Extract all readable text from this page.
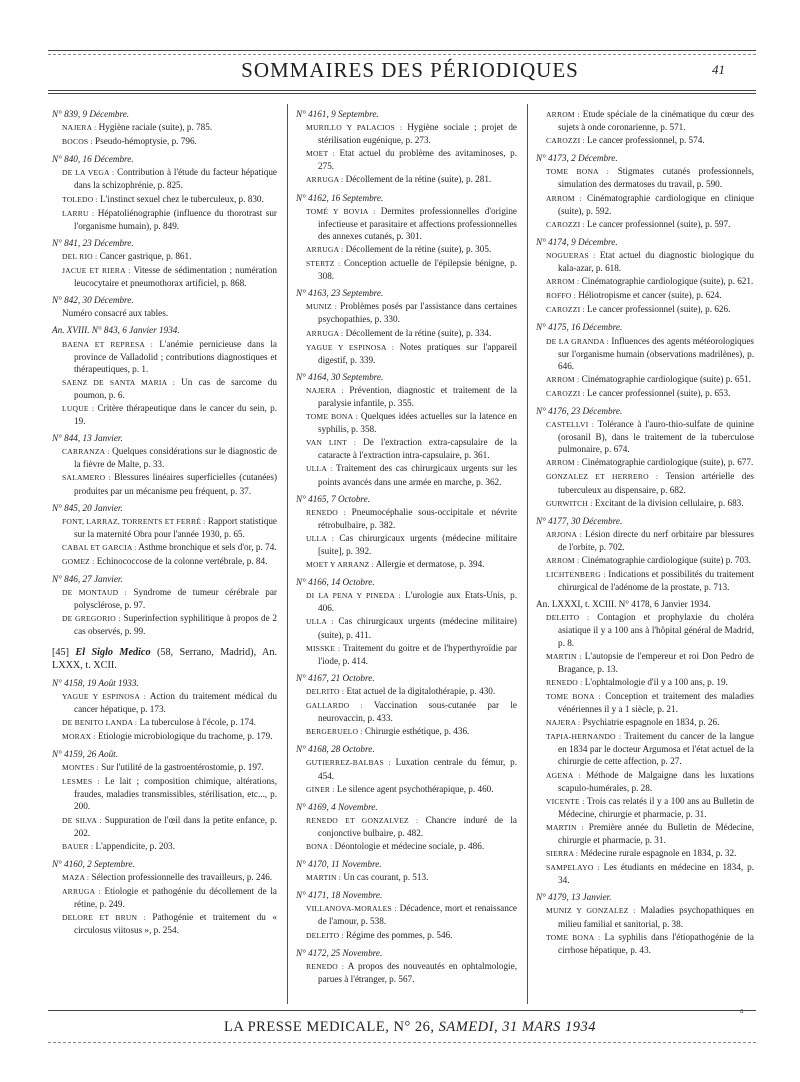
SOMMAIRES DES PÉRIODIQUES	41
N° 839, 9 Décembre.
NAJERA : Hygiène raciale (suite), p. 785.
BOCOS : Pseudo-hémoptysie, p. 796.
N° 840, 16 Décembre.
DE LA VEGA : Contribution à l'étude du facteur hépatique dans la schizophrénie, p. 825.
TOLEDO : L'instinct sexuel chez le tuberculeux, p. 830.
LARRU : Hépatoliénographie (influence du thorotrast sur l'organisme humain), p. 849.
N° 841, 23 Décembre.
DEL RIO : Cancer gastrique, p. 861.
JACUE ET RIERA : Vitesse de sédimentation ; numération leucocytaire et pneumothorax artificiel, p. 868.
N° 842, 30 Décembre.
Numéro consacré aux tables.
An. XVIII. N° 843, 6 Janvier 1934.
BAENA ET REPRESA : L'anémie pernicieuse dans la province de Valladolid ; contributions diagnostiques et thérapeutiques, p. 1.
SAENZ DE SANTA MARIA : Un cas de sarcome du poumon, p. 6.
LUQUE : Critère thérapeutique dans le cancer du sein, p. 19.
N° 844, 13 Janvier.
CARRANZA : Quelques considérations sur le diagnostic de la fièvre de Malte, p. 33.
SALAMERO : Blessures linéaires superficielles (cutanées) produites par un mécanisme peu fréquent, p. 37.
N° 845, 20 Janvier.
FONT, LARRAZ, TORRENTS ET FERRÉ : Rapport statistique sur la maternité Obra pour l'année 1930, p. 65.
CABAL ET GARCIA : Asthme bronchique et sels d'or, p. 74.
GOMEZ : Echinococcose de la colonne vertébrale, p. 84.
N° 846, 27 Janvier.
DE MONTAUD : Syndrome de tumeur cérébrale par polysclérose, p. 97.
DE GREGORIO : Superinfection syphilitique à propos de 2 cas observés, p. 99.
[45] El Siglo Medico (58, Serrano, Madrid), An. LXXX, t. XCII.
N° 4158, 19 Août 1933.
YAGUE Y ESPINOSA : Action du traitement médical du cancer hépatique, p. 173.
DE BENITO LANDA : La tuberculose à l'école, p. 174.
MORAX : Etiologie microbiologique du trachome, p. 179.
N° 4159, 26 Août.
MONTES : Sur l'utilité de la gastroentérostomie, p. 197.
LESMES : Le lait ; composition chimique, altérations, fraudes, maladies transmissibles, stérilisation, etc..., p. 200.
DE SILVA : Suppuration de l'œil dans la petite enfance, p. 202.
BAUER : L'appendicite, p. 203.
N° 4160, 2 Septembre.
MAZA : Sélection professionnelle des travailleurs, p. 246.
ARRUGA : Etiologie et pathogénie du décollement de la rétine, p. 249.
DELORE ET BRUN : Pathogénie et traitement du « circulosus viitosus », p. 254.
N° 4161, 9 Septembre.
MURILLO Y PALACIOS : Hygiène sociale ; projet de stérilisation eugénique, p. 273.
MOET : Etat actuel du problème des avitaminoses, p. 275.
ARRUGA : Décollement de la rétine (suite), p. 281.
N° 4162, 16 Septembre.
TOMÉ Y BOVIA : Dermites professionnelles d'origine infectieuse et parasitaire et affections professionnelles des annexes cutanés, p. 301.
ARRUGA : Décollement de la rétine (suite), p. 305.
STERTZ : Conception actuelle de l'épilepsie bénigne, p. 308.
N° 4163, 23 Septembre.
MUNIZ : Problèmes posés par l'assistance dans certaines psychopathies, p. 330.
ARRUGA : Décollement de la rétine (suite), p. 334.
YAGUE Y ESPINOSA : Notes pratiques sur l'appareil digestif, p. 339.
N° 4164, 30 Septembre.
NAJERA : Prévention, diagnostic et traitement de la paralysie infantile, p. 355.
TOME BONA : Quelques idées actuelles sur la latence en syphilis, p. 358.
VAN LINT : De l'extraction extra-capsulaire de la cataracte à l'extraction intra-capsulaire, p. 361.
ULLA : Traitement des cas chirurgicaux urgents sur les points avancés dans une armée en marche, p. 362.
N° 4165, 7 Octobre.
RENEDO : Pneumocéphalie sous-occipitale et névrite rétrobulbaire, p. 382.
ULLA : Cas chirurgicaux urgents (médecine militaire [suite], p. 392.
MOET Y ARRANZ : Allergie et dermatose, p. 394.
N° 4166, 14 Octobre.
DI LA PENA Y PINEDA : L'urologie aux Etats-Unis, p. 406.
ULLA : Cas chirurgicaux urgents (médecine militaire) (suite), p. 411.
MISSKE : Traitement du goitre et de l'hyperthyroïdie par l'iode, p. 414.
N° 4167, 21 Octobre.
DELRITO : Etat actuel de la digitalothérapie, p. 430.
GALLARDO : Vaccination sous-cutanée par le neurovaccin, p. 433.
BERGERUELO : Chirurgie esthétique, p. 436.
N° 4168, 28 Octobre.
GUTIERREZ-BALBAS : Luxation centrale du fémur, p. 454.
GINER : Le silence agent psychothérapique, p. 460.
N° 4169, 4 Novembre.
RENEDO ET GONZALVEZ : Chancre induré de la conjonctive bulbaire, p. 482.
BONA : Déontologie et médecine sociale, p. 486.
N° 4170, 11 Novembre.
MARTIN : Un cas courant, p. 513.
N° 4171, 18 Novembre.
VILLANOVA-MORALES : Décadence, mort et renaissance de l'amour, p. 538.
DELEITO : Régime des pommes, p. 546.
N° 4172, 25 Novembre.
RENEDO : A propos des nouveautés en ophtalmologie, parues à l'étranger, p. 567.
ARROM : Etude spéciale de la cinématique du cœur des sujets à onde coronarienne, p. 571.
CAROZZI : Le cancer professionnel, p. 574.
N° 4173, 2 Décembre.
TOME BONA : Stigmates cutanés professionnels, simulation des dermatoses du travail, p. 590.
ARROM : Cinématographie cardiologique en clinique (suite), p. 592.
CAROZZI : Le cancer professionnel (suite), p. 597.
N° 4174, 9 Décembre.
NOGUERAS : Etat actuel du diagnostic biologique du kala-azar, p. 618.
ARROM : Cinématographie cardiologique (suite), p. 621.
ROFFO : Héliotropisme et cancer (suite), p. 624.
CAROZZI : Le cancer professionnel (suite), p. 626.
N° 4175, 16 Décembre.
DE LA GRANDA : Influences des agents météorologiques sur l'organisme humain (observations madrilènes), p. 646.
ARROM : Cinématographie cardiologique (suite) p. 651.
CAROZZI : Le cancer professionnel (suite), p. 653.
N° 4176, 23 Décembre.
CASTELLVI : Tolérance à l'auro-thio-sulfate de quinine (orosanil B), dans le traitement de la tuberculose pulmonaire, p. 674.
ARROM : Cinématographie cardiologique (suite), p. 677.
GONZALEZ ET HERRERO : Tension artérielle des tuberculeux au dispensaire, p. 682.
GURWITCH : Excitant de la division cellulaire, p. 683.
N° 4177, 30 Décembre.
ARJONA : Lésion directe du nerf orbitaire par blessures de l'orbite, p. 702.
ARROM : Cinématographie cardiologique (suite) p. 703.
LICHTENBERG : Indications et possibilités du traitement chirurgical de l'adénome de la prostate, p. 713.
An. LXXXI, t. XCIII. N° 4178, 6 Janvier 1934.
DELEITO : Contagion et prophylaxie du choléra asiatique il y a 100 ans à l'hôpital général de Madrid, p. 8.
MARTIN : L'autopsie de l'empereur et roi Don Pedro de Bragance, p. 13.
RENEDO : L'ophtalmologie d'il y a 100 ans, p. 19.
TOME BONA : Conception et traitement des maladies vénériennes il y a 1 siècle, p. 21.
NAJERA : Psychiatrie espagnole en 1834, p. 26.
TAPIA-HERNANDO : Traitement du cancer de la langue en 1834 par le docteur Argumosa et l'état actuel de la chirurgie de cette affection, p. 27.
AGENA : Méthode de Malgaigne dans les luxations scapulo-humérales, p. 28.
VICENTE : Trois cas relatés il y a 100 ans au Bulletin de Médecine, chirurgie et pharmacie, p. 31.
MARTIN : Première année du Bulletin de Médecine, chirurgie et pharmacie, p. 31.
SIERRA : Médecine rurale espagnole en 1834, p. 32.
SAMPELAYO : Les étudiants en médecine en 1834, p. 34.
N° 4179, 13 Janvier.
MUNIZ Y GONZALEZ : Maladies psychopathiques en milieu familial et sanitorial, p. 38.
TOME BONA : La syphilis dans l'étiopathogénie de la cirrhose hépatique, p. 43.
a
LA PRESSE MEDICALE, N° 26, SAMEDI, 31 MARS 1934
